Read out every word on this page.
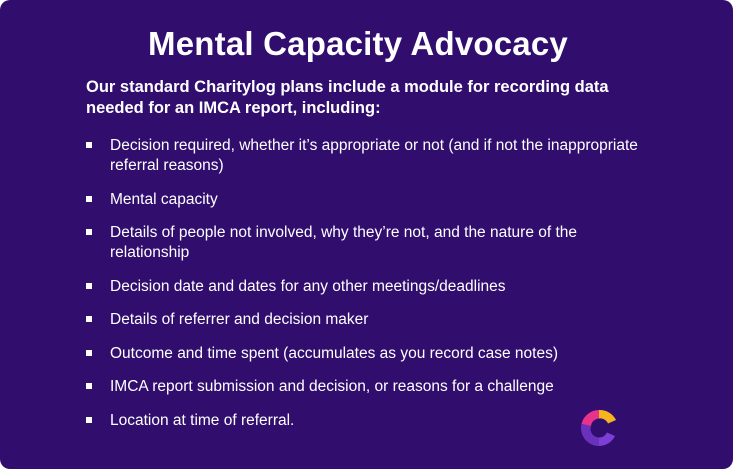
Mental Capacity Advocacy
Our standard Charitylog plans include a module for recording data needed for an IMCA report, including:
Decision required, whether it’s appropriate or not (and if not the inappropriate referral reasons)
Mental capacity
Details of people not involved, why they’re not, and the nature of the relationship
Decision date and dates for any other meetings/deadlines
Details of referrer and decision maker
Outcome and time spent (accumulates as you record case notes)
IMCA report submission and decision, or reasons for a challenge
Location at time of referral.
